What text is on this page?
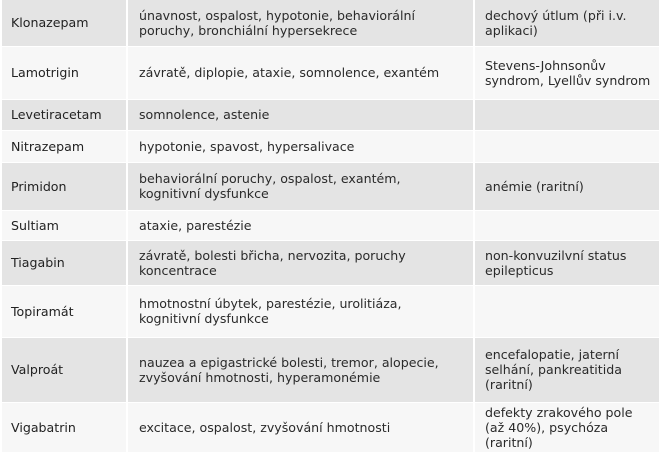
Klonazepam	únavnost, ospalost, hypotonie, behaviorální poruchy, bronchiální hypersekrece	dechový útlum (při i.v. aplikaci)
Lamotrigin	závratě, diplopie, ataxie, somnolence, exantém	Stevens-Johnsonův syndrom, Lyellův syndrom
Levetiracetam	somnolence, astenie	
Nitrazepam	hypotonie, spavost, hypersalivace	
Primidon	behaviorální poruchy, ospalost, exantém, kognitivní dysfunkce	anémie (raritní)
Sultiam	ataxie, parestézie	
Tiagabin	závratě, bolesti břicha, nervozita, poruchy koncentrace	non-konvuzilvní status epilepticus
Topiramát	hmotnostní úbytek, parestézie, urolitiáza, kognitivní dysfunkce	
Valproát	nauzea a epigastrické bolesti, tremor, alopecie, zvyšování hmotnosti, hyperamonémie	encefalopatie, jaterní selhání, pankreatitida (raritní)
Vigabatrin	excitace, ospalost, zvyšování hmotnosti	defekty zrakového pole (až 40%), psychóza (raritní)
